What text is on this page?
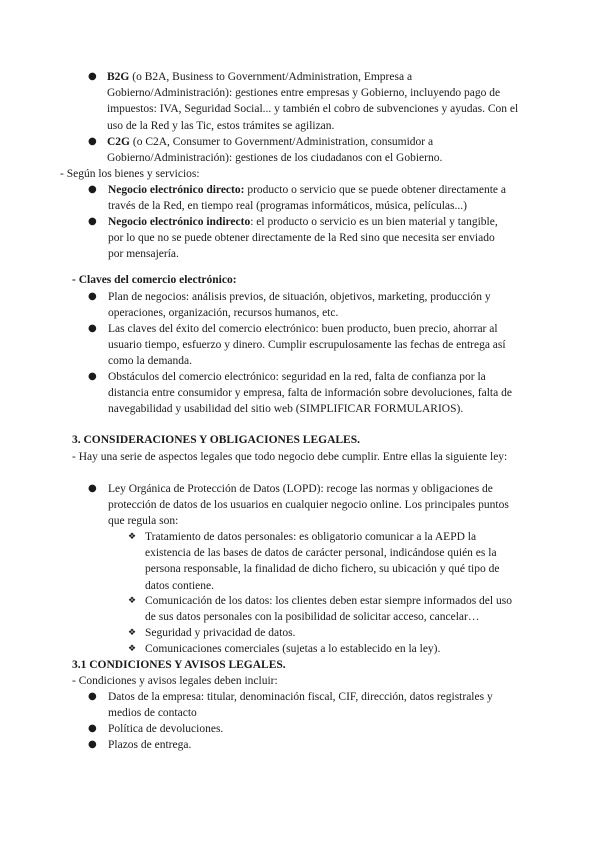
● B2G (o B2A, Business to Government/Administration, Empresa a Gobierno/Administración): gestiones entre empresas y Gobierno, incluyendo pago de impuestos: IVA, Seguridad Social... y también el cobro de subvenciones y ayudas. Con el uso de la Red y las Tic, estos trámites se agilizan.
● C2G (o C2A, Consumer to Government/Administration, consumidor a Gobierno/Administración): gestiones de los ciudadanos con el Gobierno.
- Según los bienes y servicios:
● Negocio electrónico directo: producto o servicio que se puede obtener directamente a través de la Red, en tiempo real (programas informáticos, música, películas...)
● Negocio electrónico indirecto: el producto o servicio es un bien material y tangible, por lo que no se puede obtener directamente de la Red sino que necesita ser enviado por mensajería.
- Claves del comercio electrónico:
● Plan de negocios: análisis previos, de situación, objetivos, marketing, producción y operaciones, organización, recursos humanos, etc.
● Las claves del éxito del comercio electrónico: buen producto, buen precio, ahorrar al usuario tiempo, esfuerzo y dinero. Cumplir escrupulosamente las fechas de entrega así como la demanda.
● Obstáculos del comercio electrónico: seguridad en la red, falta de confianza por la distancia entre consumidor y empresa, falta de información sobre devoluciones, falta de navegabilidad y usabilidad del sitio web (SIMPLIFICAR FORMULARIOS).
3. CONSIDERACIONES Y OBLIGACIONES LEGALES.
- Hay una serie de aspectos legales que todo negocio debe cumplir. Entre ellas la siguiente ley:
● Ley Orgánica de Protección de Datos (LOPD): recoge las normas y obligaciones de protección de datos de los usuarios en cualquier negocio online. Los principales puntos que regula son:
❖ Tratamiento de datos personales: es obligatorio comunicar a la AEPD la existencia de las bases de datos de carácter personal, indicándose quién es la persona responsable, la finalidad de dicho fichero, su ubicación y qué tipo de datos contiene.
❖ Comunicación de los datos: los clientes deben estar siempre informados del uso de sus datos personales con la posibilidad de solicitar acceso, cancelar…
❖ Seguridad y privacidad de datos.
❖ Comunicaciones comerciales (sujetas a lo establecido en la ley).
3.1 CONDICIONES Y AVISOS LEGALES.
- Condiciones y avisos legales deben incluir:
● Datos de la empresa: titular, denominación fiscal, CIF, dirección, datos registrales y medios de contacto
● Política de devoluciones.
● Plazos de entrega.
